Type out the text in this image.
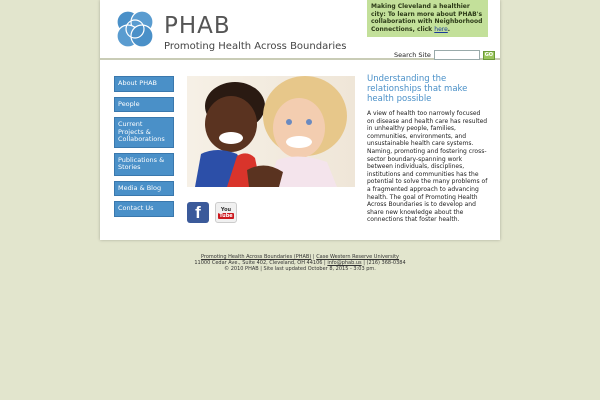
PHAB
Promoting Health Across Boundaries
Making Cleveland a healthier city: To learn more about PHAB's collaboration with Neighborhood Connections, click here.
Search Site	GO
About PHAB
People
Current Projects & Collaborations
Publications & Stories
Media & Blog
Contact Us	f	You
Tube
Understanding the relationships that make health possible

A view of health too narrowly focused on disease and health care has resulted in unhealthy people, families, communities, environments, and unsustainable health care systems. Naming, promoting and fostering cross-sector boundary-spanning work between individuals, disciplines, institutions and communities has the potential to solve the many problems of a fragmented approach to advancing health. The goal of Promoting Health Across Boundaries is to develop and share new knowledge about the connections that foster health.

Promoting Health Across Boundaries (PHAB) | Case Western Reserve University
11000 Cedar Ave., Suite 402, Cleveland, OH 44106 | info@phab.us | (216) 368-0384
© 2010 PHAB | Site last updated October 8, 2015 - 3:03 pm.
